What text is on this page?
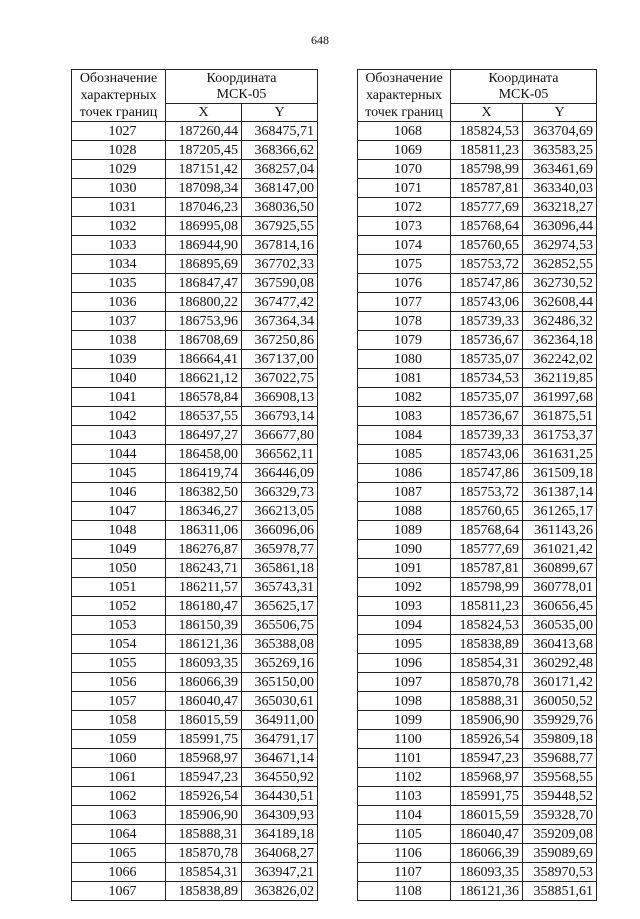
648
Обозначение
характерных
точек границ	Координата
МСК-05	
	X	Y
1027	187260,44	368475,71
1028	187205,45	368366,62
1029	187151,42	368257,04
1030	187098,34	368147,00
1031	187046,23	368036,50
1032	186995,08	367925,55
1033	186944,90	367814,16
1034	186895,69	367702,33
1035	186847,47	367590,08
1036	186800,22	367477,42
1037	186753,96	367364,34
1038	186708,69	367250,86
1039	186664,41	367137,00
1040	186621,12	367022,75
1041	186578,84	366908,13
1042	186537,55	366793,14
1043	186497,27	366677,80
1044	186458,00	366562,11
1045	186419,74	366446,09
1046	186382,50	366329,73
1047	186346,27	366213,05
1048	186311,06	366096,06
1049	186276,87	365978,77
1050	186243,71	365861,18
1051	186211,57	365743,31
1052	186180,47	365625,17
1053	186150,39	365506,75
1054	186121,36	365388,08
1055	186093,35	365269,16
1056	186066,39	365150,00
1057	186040,47	365030,61
1058	186015,59	364911,00
1059	185991,75	364791,17
1060	185968,97	364671,14
1061	185947,23	364550,92
1062	185926,54	364430,51
1063	185906,90	364309,93
1064	185888,31	364189,18
1065	185870,78	364068,27
1066	185854,31	363947,21
1067	185838,89	363826,02
Обозначение
характерных
точек границ	Координата
МСК-05	
	X	Y
1068	185824,53	363704,69
1069	185811,23	363583,25
1070	185798,99	363461,69
1071	185787,81	363340,03
1072	185777,69	363218,27
1073	185768,64	363096,44
1074	185760,65	362974,53
1075	185753,72	362852,55
1076	185747,86	362730,52
1077	185743,06	362608,44
1078	185739,33	362486,32
1079	185736,67	362364,18
1080	185735,07	362242,02
1081	185734,53	362119,85
1082	185735,07	361997,68
1083	185736,67	361875,51
1084	185739,33	361753,37
1085	185743,06	361631,25
1086	185747,86	361509,18
1087	185753,72	361387,14
1088	185760,65	361265,17
1089	185768,64	361143,26
1090	185777,69	361021,42
1091	185787,81	360899,67
1092	185798,99	360778,01
1093	185811,23	360656,45
1094	185824,53	360535,00
1095	185838,89	360413,68
1096	185854,31	360292,48
1097	185870,78	360171,42
1098	185888,31	360050,52
1099	185906,90	359929,76
1100	185926,54	359809,18
1101	185947,23	359688,77
1102	185968,97	359568,55
1103	185991,75	359448,52
1104	186015,59	359328,70
1105	186040,47	359209,08
1106	186066,39	359089,69
1107	186093,35	358970,53
1108	186121,36	358851,61
